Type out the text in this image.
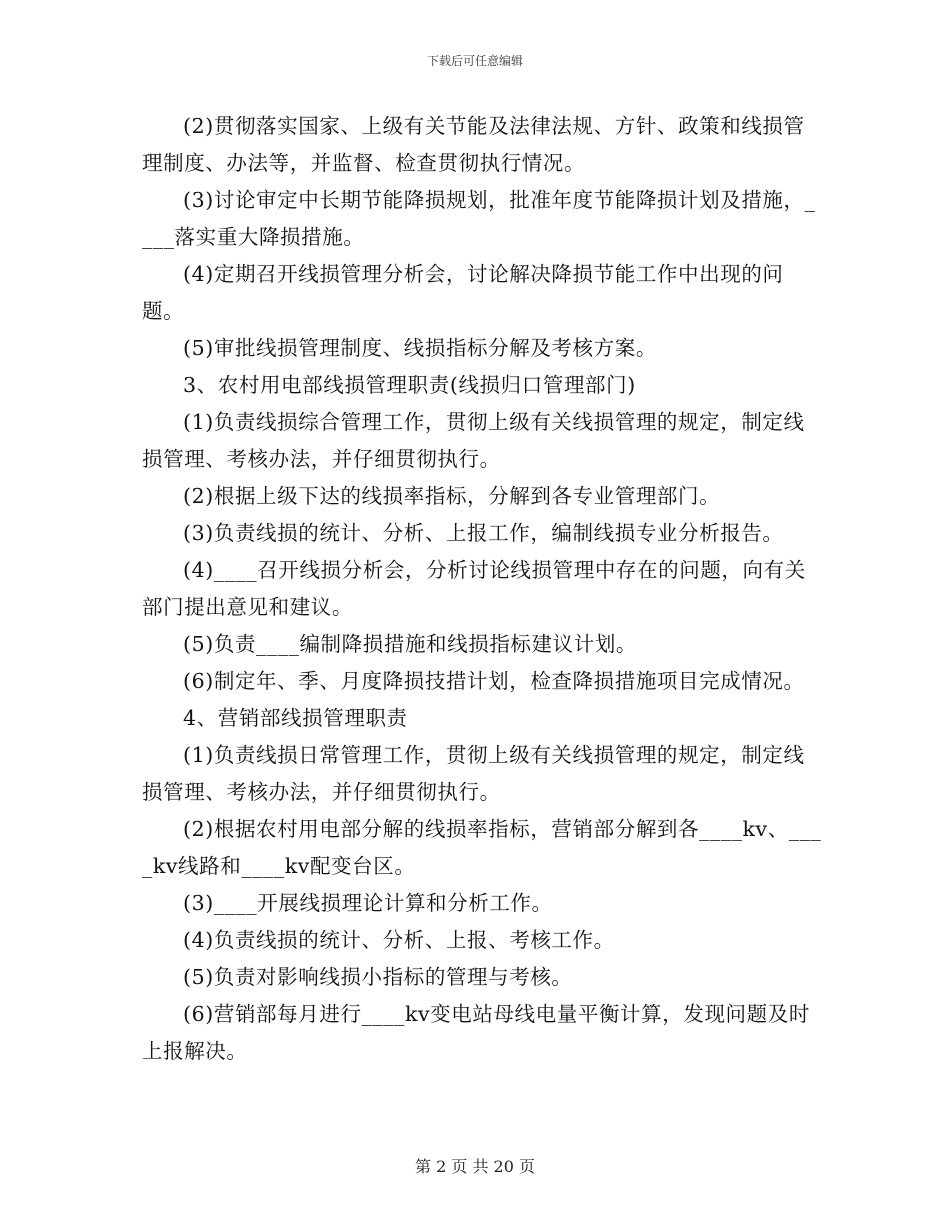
下载后可任意编辑

(2)贯彻落实国家、上级有关节能及法律法规、方针、政策和线损管理制度、办法等，并监督、检查贯彻执行情况。

(3)讨论审定中长期节能降损规划，批准年度节能降损计划及措施，____落实重大降损措施。

(4)定期召开线损管理分析会，讨论解决降损节能工作中出现的问题。

(5)审批线损管理制度、线损指标分解及考核方案。

3、农村用电部线损管理职责(线损归口管理部门)

(1)负责线损综合管理工作，贯彻上级有关线损管理的规定，制定线损管理、考核办法，并仔细贯彻执行。

(2)根据上级下达的线损率指标，分解到各专业管理部门。

(3)负责线损的统计、分析、上报工作，编制线损专业分析报告。

(4)____召开线损分析会，分析讨论线损管理中存在的问题，向有关部门提出意见和建议。

(5)负责____编制降损措施和线损指标建议计划。

(6)制定年、季、月度降损技措计划，检查降损措施项目完成情况。

4、营销部线损管理职责

(1)负责线损日常管理工作，贯彻上级有关线损管理的规定，制定线损管理、考核办法，并仔细贯彻执行。

(2)根据农村用电部分解的线损率指标，营销部分解到各____kv、____kv线路和____kv配变台区。

(3)____开展线损理论计算和分析工作。

(4)负责线损的统计、分析、上报、考核工作。

(5)负责对影响线损小指标的管理与考核。

(6)营销部每月进行____kv变电站母线电量平衡计算，发现问题及时上报解决。

第 2 页 共 20 页
